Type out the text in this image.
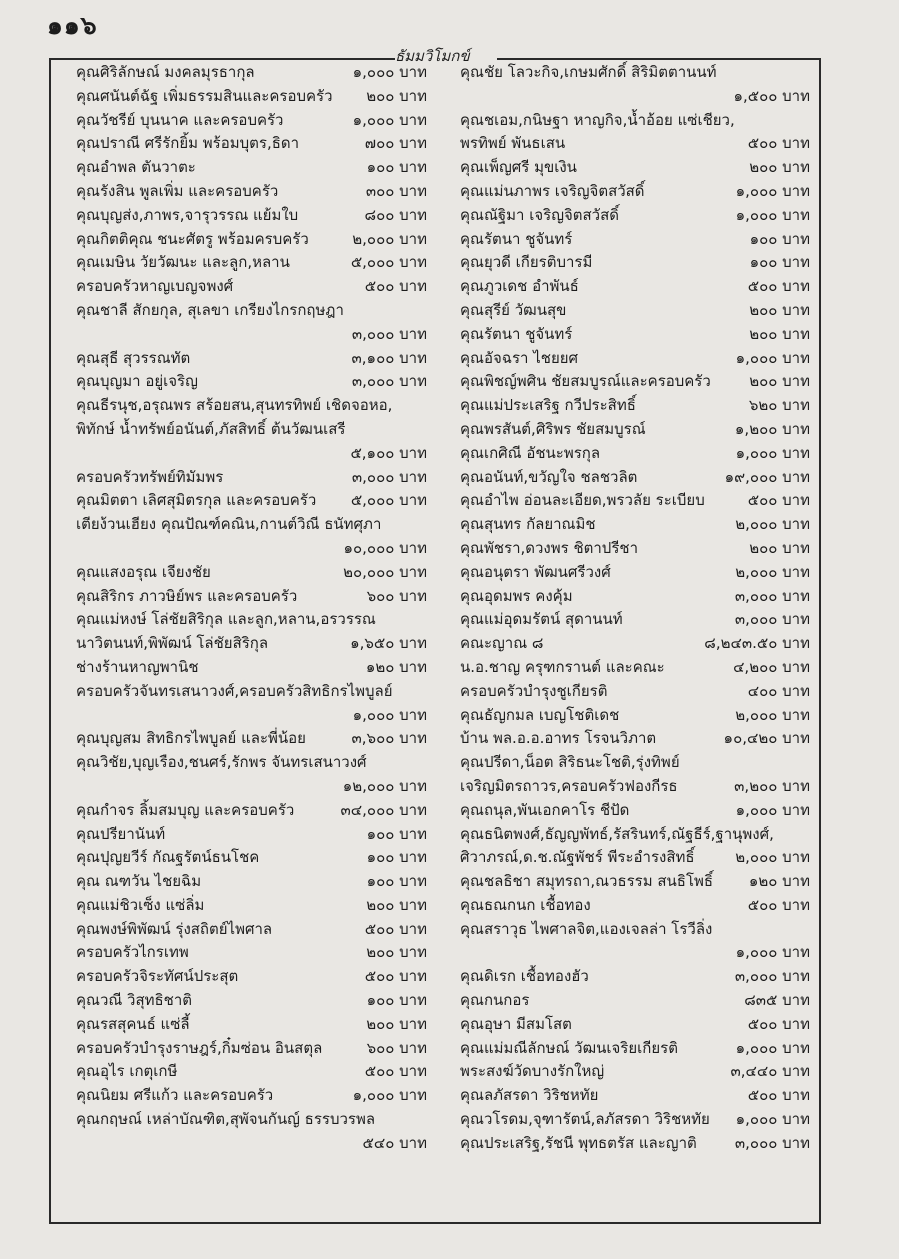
๑๑๖
ธัมมวิโมกข์
คุณศิริลักษณ์ มงคลมุรธากุล	๑,๐๐๐ บาท
คุณศนันต์ฉัฐ เพิ่มธรรมสินและครอบครัว	๒๐๐ บาท
คุณวัชรีย์ บุนนาค และครอบครัว	๑,๐๐๐ บาท
คุณปราณี ศรีรักยิ้ม พร้อมบุตร,ธิดา	๗๐๐ บาท
คุณอำพล ตันวาตะ	๑๐๐ บาท
คุณรังสิน พูลเพิ่ม และครอบครัว	๓๐๐ บาท
คุณบุญส่ง,ภาพร,จารุวรรณ แย้มใบ	๘๐๐ บาท
คุณกิตติคุณ ชนะศัตรู พร้อมครบครัว	๒,๐๐๐ บาท
คุณเมษิน วัยวัฒนะ และลูก,หลาน	๕,๐๐๐ บาท
ครอบครัวหาญเบญจพงศ์	๕๐๐ บาท
คุณชาลี สักยกุล, สุเลขา เกรียงไกรกฤษฎา
๓,๐๐๐ บาท
คุณสุธี สุวรรณทัต	๓,๑๐๐ บาท
คุณบุญมา อยู่เจริญ	๓,๐๐๐ บาท
คุณธีรนุช,อรุณพร สร้อยสน,สุนทรทิพย์ เชิดจอหอ,
พิทักษ์ น้ำทรัพย์อนันต์,ภัสสิทธิ์ ต้นวัฒนเสรี
๕,๑๐๐ บาท
ครอบครัวทรัพย์ทิมัมพร	๓,๐๐๐ บาท
คุณมิตตา เลิศสุมิตรกุล และครอบครัว	๕,๐๐๐ บาท
เตียง้วนเฮียง คุณปัณฑ์คณิน,กานต์วิณี ธนัทศุภา
๑๐,๐๐๐ บาท
คุณแสงอรุณ เจียงชัย	๒๐,๐๐๐ บาท
คุณสิริกร ภาวษิย์พร และครอบครัว	๖๐๐ บาท
คุณแม่หงษ์ โล่ชัยสิริกุล และลูก,หลาน,อรวรรณ
นาวิตนนท์,พิพัฒน์ โล่ชัยสิริกุล	๑,๖๕๐ บาท
ช่างร้านหาญพานิช	๑๒๐ บาท
ครอบครัวจันทรเสนาวงศ์,ครอบครัวสิทธิกรไพบูลย์
๑,๐๐๐ บาท
คุณบุญสม สิทธิกรไพบูลย์ และพี่น้อย	๓,๖๐๐ บาท
คุณวิชัย,บุญเรือง,ชนศร์,รักพร จันทรเสนาวงศ์
๑๒,๐๐๐ บาท
คุณกำจร ลิ้มสมบุญ และครอบครัว	๓๔,๐๐๐ บาท
คุณปรียานันท์	๑๐๐ บาท
คุณปุญยวีร์ กัณฐรัตน์ธนโชค	๑๐๐ บาท
คุณ ณฑวัน ไชยฉิม	๑๐๐ บาท
คุณแม่ชิวเซ็ง แซ่ลิ่ม	๒๐๐ บาท
คุณพงษ์พิพัฒน์ รุ่งสถิตย์ไพศาล	๕๐๐ บาท
ครอบครัวไกรเทพ	๒๐๐ บาท
ครอบครัวจิระทัศน์ประสุต	๕๐๐ บาท
คุณวณี วิสุทธิชาติ	๑๐๐ บาท
คุณรสสุคนธ์ แซ่ลี้	๒๐๐ บาท
ครอบครัวบำรุงราษฎร์,กิ๋มซ่อน อินสตุล	๖๐๐ บาท
คุณอุไร เกตุเกษี	๕๐๐ บาท
คุณนิยม ศรีแก้ว และครอบครัว	๑,๐๐๐ บาท
คุณกฤษณ์ เหล่าบัณฑิต,สุพัจนกันญ์ ธรรบวรพล
๕๔๐ บาท
คุณชัย โลวะกิจ,เกษมศักดิ์ สิริมิตตานนท์
๑,๕๐๐ บาท
คุณชเอม,กนิษฐา หาญกิจ,น้ำอ้อย แซ่เชียว,
พรทิพย์ พันธเสน	๕๐๐ บาท
คุณเพ็ญศรี มุขเงิน	๒๐๐ บาท
คุณแม่นภาพร เจริญจิตสวัสดิ์	๑,๐๐๐ บาท
คุณณัฐิมา เจริญจิตสวัสดิ์	๑,๐๐๐ บาท
คุณรัตนา ชูจันทร์	๑๐๐ บาท
คุณยุวดี เกียรติบารมี	๑๐๐ บาท
คุณภูวเดช อำพันธ์	๕๐๐ บาท
คุณสุรีย์ วัฒนสุข	๒๐๐ บาท
คุณรัตนา ชูจันทร์	๒๐๐ บาท
คุณอัจฉรา ไชยยศ	๑,๐๐๐ บาท
คุณพิชญ์พศิน ชัยสมบูรณ์และครอบครัว	๒๐๐ บาท
คุณแม่ประเสริฐ กวีประสิทธิ์	๖๒๐ บาท
คุณพรสันต์,ศิริพร ชัยสมบูรณ์	๑,๒๐๐ บาท
คุณเกศิณี อัชนะพรกุล	๑,๐๐๐ บาท
คุณอนันท์,ขวัญใจ ชลชวลิต	๑๙,๐๐๐ บาท
คุณอำไพ อ่อนละเอียด,พรวลัย ระเบียบ	๕๐๐ บาท
คุณสุนทร กัลยาณมิช	๒,๐๐๐ บาท
คุณพัชรา,ดวงพร ชิตาปรีชา	๒๐๐ บาท
คุณอนุตรา พัฒนศรีวงศ์	๒,๐๐๐ บาท
คุณอุดมพร คงคุ้ม	๓,๐๐๐ บาท
คุณแม่อุดมรัตน์ สุดานนท์	๓,๐๐๐ บาท
คณะญาณ ๘	๘,๒๔๓.๕๐ บาท
น.อ.ชาญ ครุฑกรานต์ และคณะ	๔,๒๐๐ บาท
ครอบครัวบำรุงชูเกียรติ	๔๐๐ บาท
คุณธัญกมล เบญโชติเดช	๒,๐๐๐ บาท
บ้าน พล.อ.อ.อาทร โรจนวิภาต	๑๐,๔๒๐ บาท
คุณปรีดา,น็อต สิริธนะโชติ,รุ่งทิพย์
เจริญมิตรถาวร,ครอบครัวฟองกีรธ	๓,๒๐๐ บาท
คุณถนุล,พันเอกคาโร ชีปัด	๑,๐๐๐ บาท
คุณธนิตพงศ์,ธัญญพัทธ์,รัสรินทร์,ณัฐธีร์,ฐานุพงศ์,
ศิวาภรณ์,ด.ช.ณัฐพัชร์ พีระอำรงสิทธิ์	๒,๐๐๐ บาท
คุณชลธิชา สมุทรถา,ณวธรรม สนธิโพธิ์	๑๒๐ บาท
คุณธณกนก เชื้อทอง	๕๐๐ บาท
คุณสราวุธ ไพศาลจิต,แองเจลล่า โรวีลิ่ง
๑,๐๐๐ บาท
คุณดิเรก เชื้อทองฮัว	๓,๐๐๐ บาท
คุณกนกอร	๘๓๕ บาท
คุณอุษา มีสมโสต	๕๐๐ บาท
คุณแม่มณีลักษณ์ วัฒนเจริยเกียรติ	๑,๐๐๐ บาท
พระสงฆ์วัดบางรักใหญ่	๓,๔๔๐ บาท
คุณลภัสรดา วิริชหทัย	๕๐๐ บาท
คุณวโรดม,จุฑารัตน์,ลภัสรดา วิริชหทัย	๑,๐๐๐ บาท
คุณประเสริฐ,รัชนี พุทธตรัส และญาติ	๓,๐๐๐ บาท
